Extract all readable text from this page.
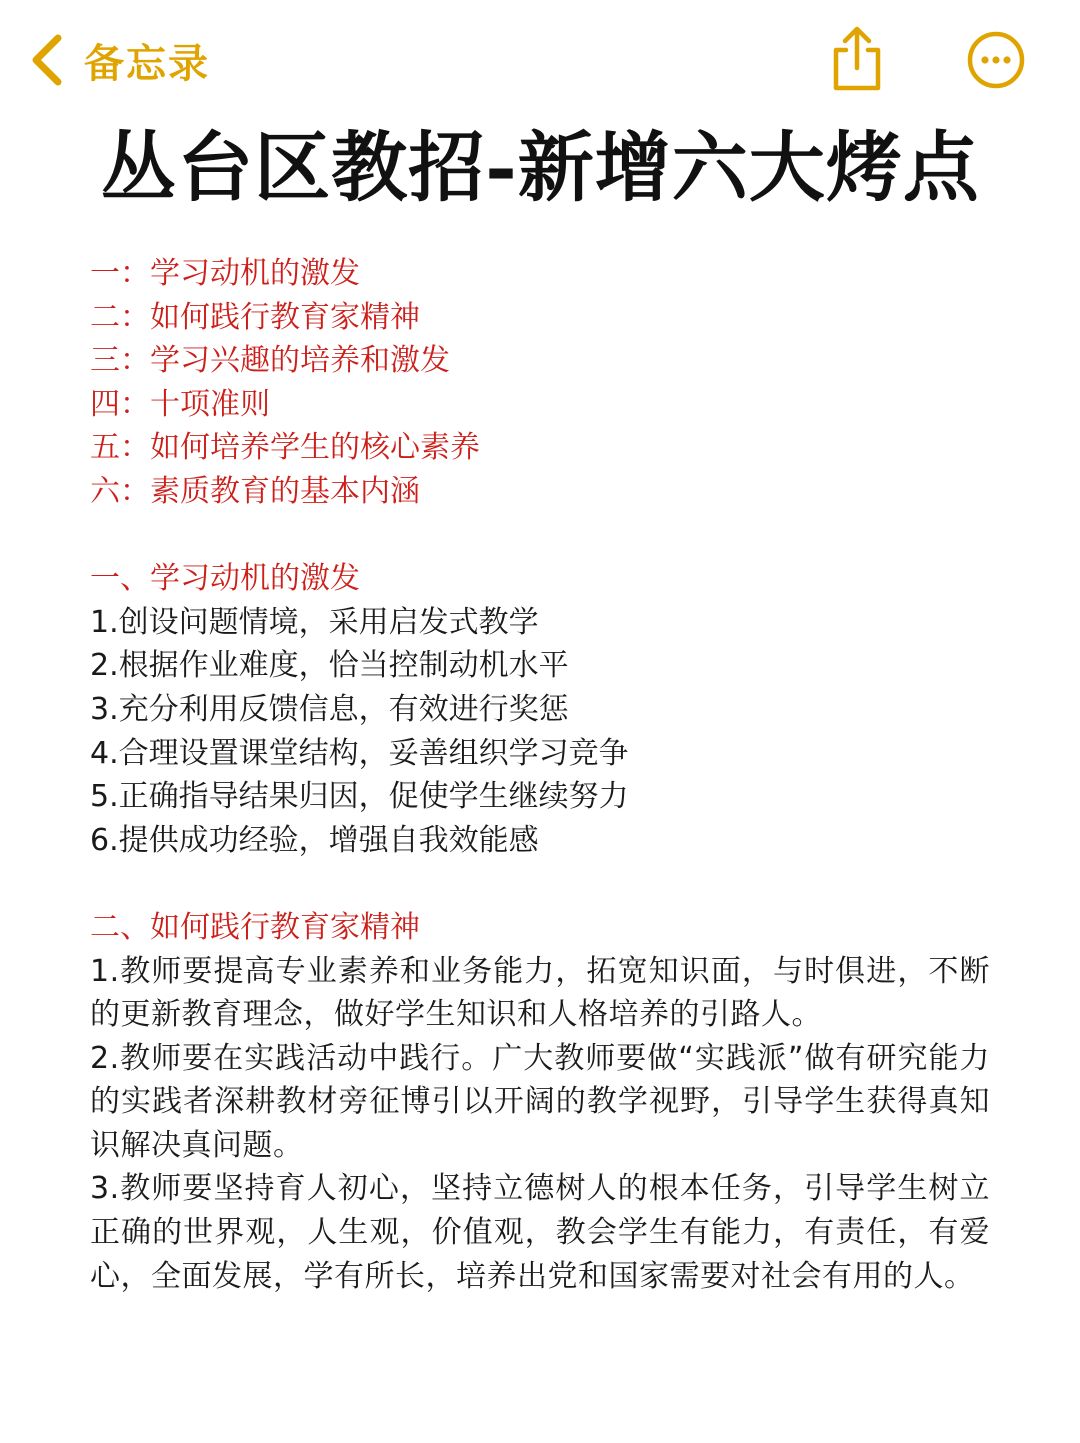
备忘录
丛台区教招-新增六大烤点
一：学习动机的激发
二：如何践行教育家精神
三：学习兴趣的培养和激发
四：十项准则
五：如何培养学生的核心素养
六：素质教育的基本内涵
一、学习动机的激发
1.创设问题情境，采用启发式教学
2.根据作业难度，恰当控制动机水平
3.充分利用反馈信息，有效进行奖惩
4.合理设置课堂结构，妥善组织学习竞争
5.正确指导结果归因，促使学生继续努力
6.提供成功经验，增强自我效能感
二、如何践行教育家精神
1.教师要提高专业素养和业务能力，拓宽知识面，与时俱进，不断的更新教育理念，做好学生知识和人格培养的引路人。
2.教师要在实践活动中践行。广大教师要做“实践派”做有研究能力的实践者深耕教材旁征博引以开阔的教学视野，引导学生获得真知识解决真问题。
3.教师要坚持育人初心，坚持立德树人的根本任务，引导学生树立正确的世界观，人生观，价值观，教会学生有能力，有责任，有爱心，全面发展，学有所长，培养出党和国家需要对社会有用的人。
